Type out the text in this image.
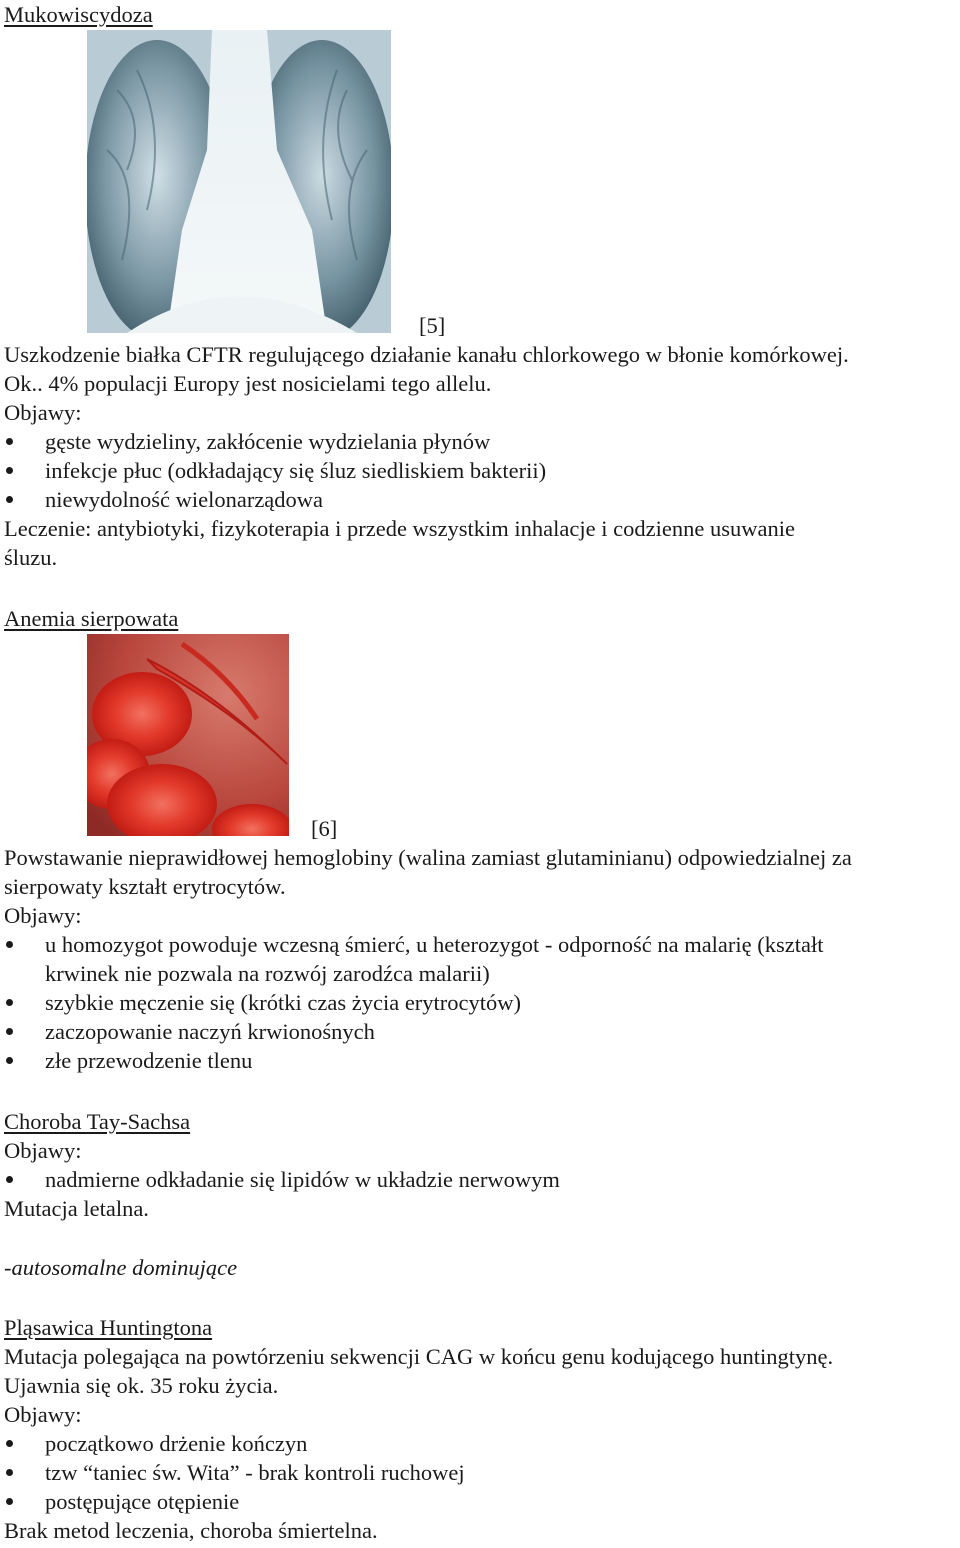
Mukowiscydoza
[5]
Uszkodzenie białka CFTR regulującego działanie kanału chlorkowego w błonie komórkowej.
Ok.. 4% populacji Europy jest nosicielami tego allelu.
Objawy:
gęste wydzieliny, zakłócenie wydzielania płynów
infekcje płuc (odkładający się śluz siedliskiem bakterii)
niewydolność wielonarządowa
Leczenie: antybiotyki, fizykoterapia i przede wszystkim inhalacje i codzienne usuwanie
śluzu.
Anemia sierpowata
[6]
Powstawanie nieprawidłowej hemoglobiny (walina zamiast glutaminianu) odpowiedzialnej za
sierpowaty kształt erytrocytów.
Objawy:
u homozygot powoduje wczesną śmierć, u heterozygot - odporność na malarię (kształt
krwinek nie pozwala na rozwój zarodźca malarii)
szybkie męczenie się (krótki czas życia erytrocytów)
zaczopowanie naczyń krwionośnych
złe przewodzenie tlenu
Choroba Tay-Sachsa
Objawy:
nadmierne odkładanie się lipidów w układzie nerwowym
Mutacja letalna.
-autosomalne dominujące
Pląsawica Huntingtona
Mutacja polegająca na powtórzeniu sekwencji CAG w końcu genu kodującego huntingtynę.
Ujawnia się ok. 35 roku życia.
Objawy:
początkowo drżenie kończyn
tzw “taniec św. Wita” - brak kontroli ruchowej
postępujące otępienie
Brak metod leczenia, choroba śmiertelna.
